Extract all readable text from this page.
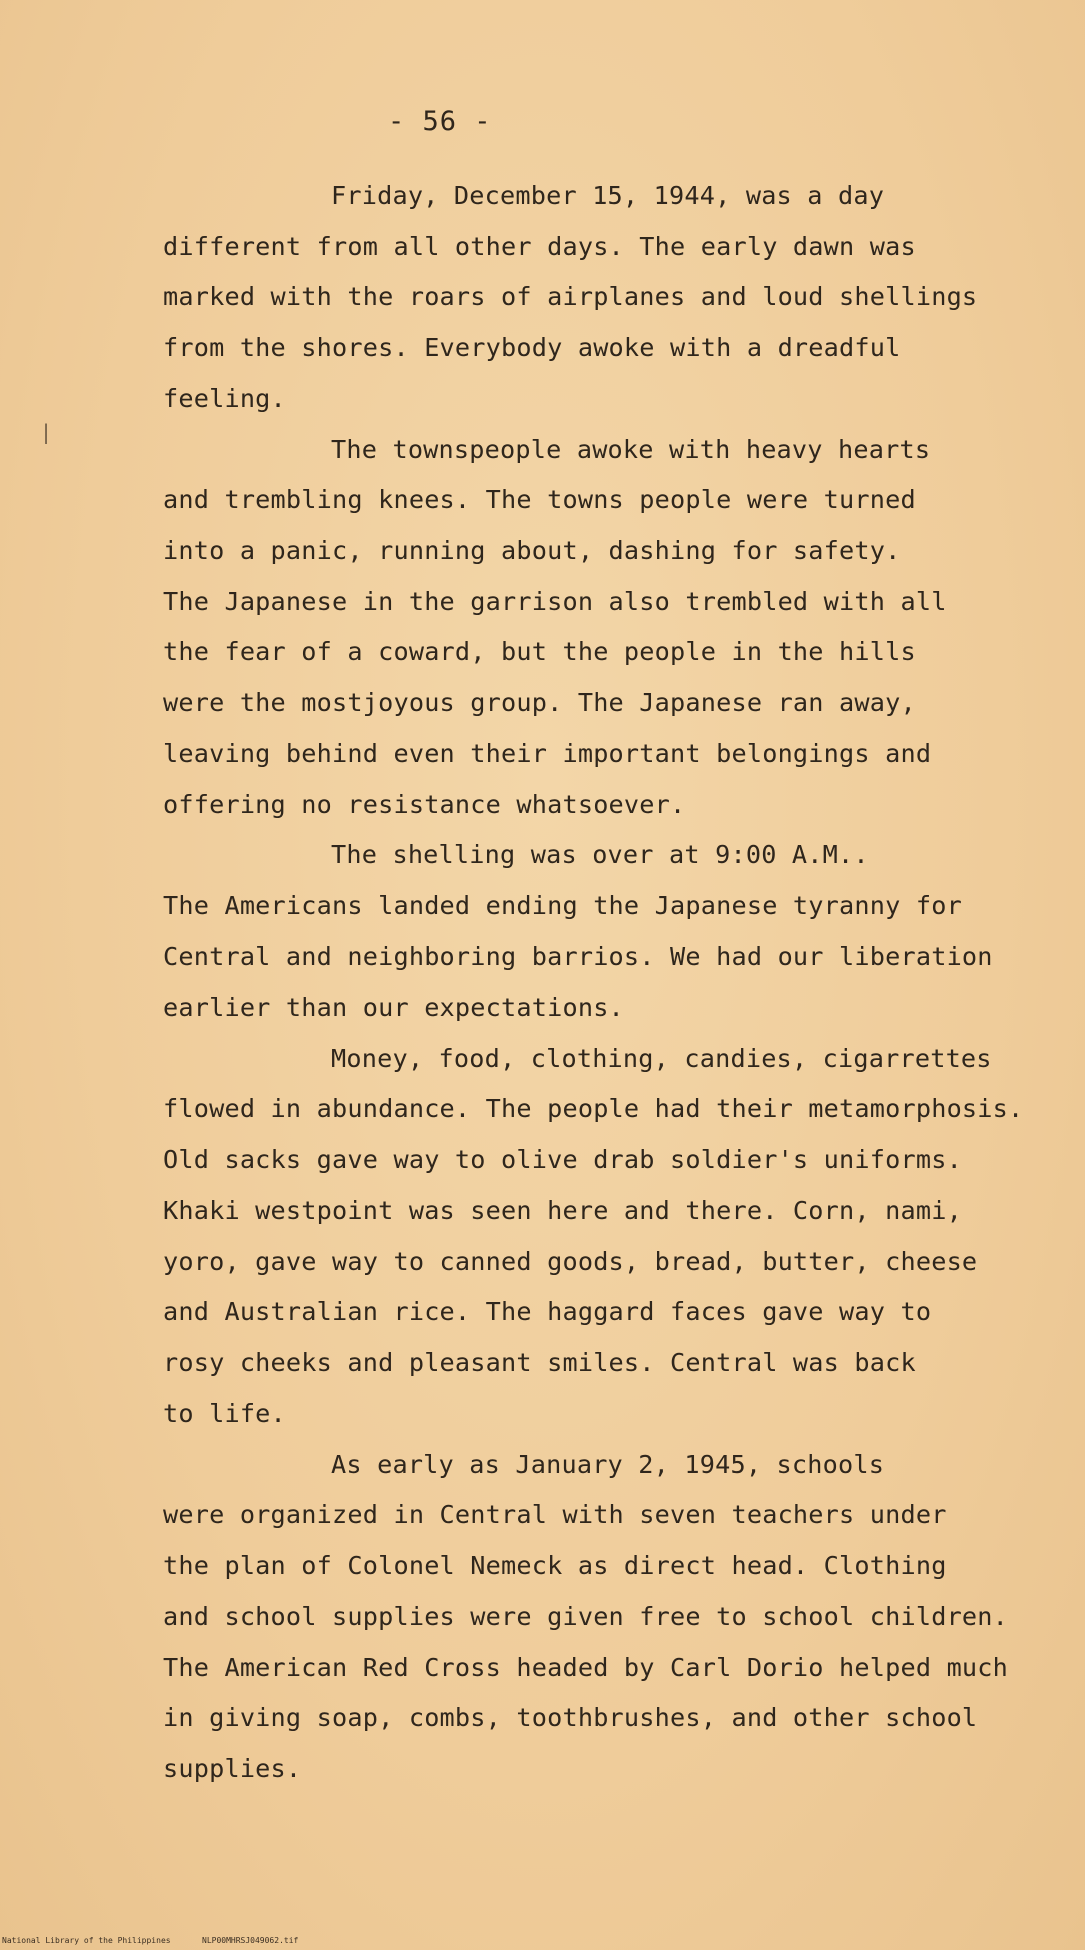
- 56 -
Friday, December 15, 1944, was a day
different from all other days. The early dawn was
marked with the roars of airplanes and loud shellings
from the shores. Everybody awoke with a dreadful
feeling.
The townspeople awoke with heavy hearts
and trembling knees. The towns people were turned
into a panic, running about, dashing for safety.
The Japanese in the garrison also trembled with all
the fear of a coward, but the people in the hills
were the mostjoyous group. The Japanese ran away,
leaving behind even their important belongings and
offering no resistance whatsoever.
The shelling was over at 9:00 A.M..
The Americans landed ending the Japanese tyranny for
Central and neighboring barrios. We had our liberation
earlier than our expectations.
Money, food, clothing, candies, cigarrettes
flowed in abundance. The people had their metamorphosis.
Old sacks gave way to olive drab soldier's uniforms.
Khaki westpoint was seen here and there. Corn, nami,
yoro, gave way to canned goods, bread, butter, cheese
and Australian rice. The haggard faces gave way to
rosy cheeks and pleasant smiles. Central was back
to life.
As early as January 2, 1945, schools
were organized in Central with seven teachers under
the plan of Colonel Nemeck as direct head. Clothing
and school supplies were given free to school children.
The American Red Cross headed by Carl Dorio helped much
in giving soap, combs, toothbrushes, and other school
supplies.
|
National Library of the Philippines	NLP00MHRSJ049062.tif
